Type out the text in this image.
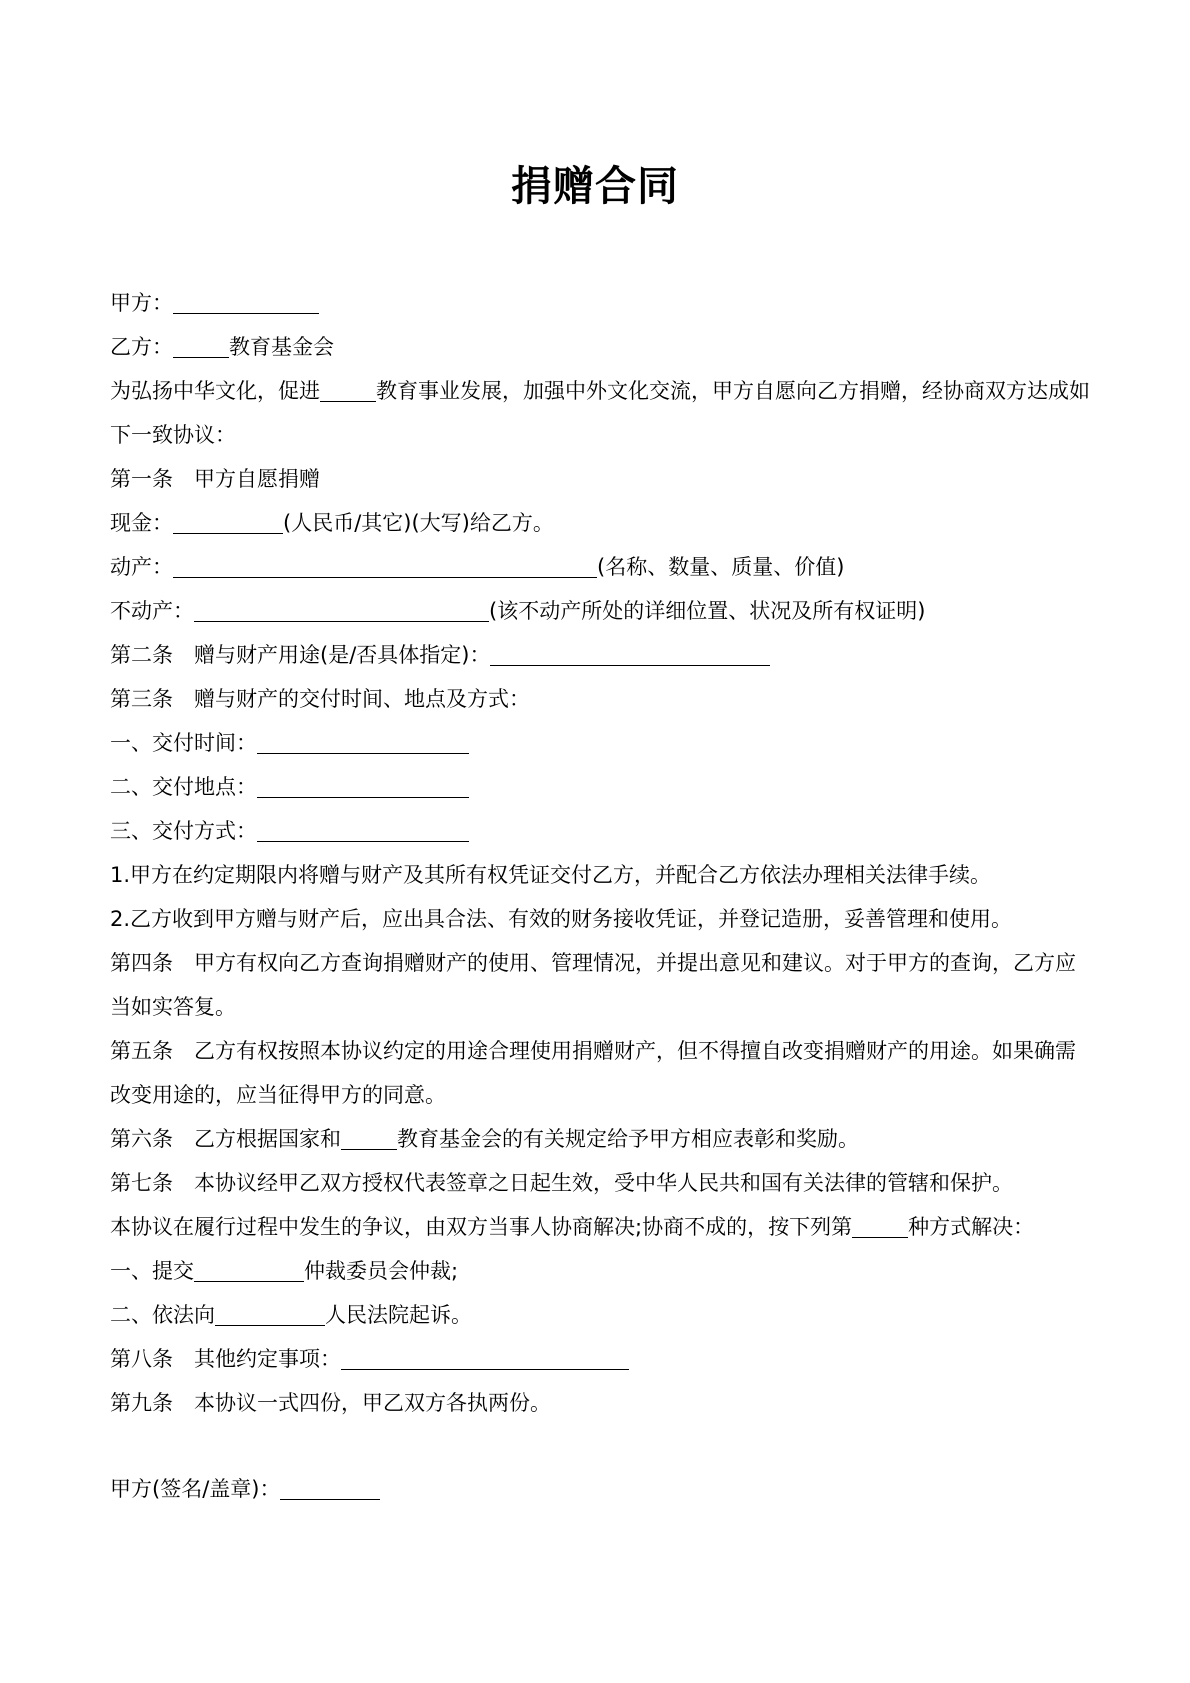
捐赠合同
甲方：
乙方：	教育基金会
为弘扬中华文化，促进	教育事业发展，加强中外文化交流，甲方自愿向乙方捐赠，经协商双方达成如下一致协议：
第一条　甲方自愿捐赠
现金：	(人民币/其它)(大写)给乙方。
动产：	(名称、数量、质量、价值)
不动产：	(该不动产所处的详细位置、状况及所有权证明)
第二条　赠与财产用途(是/否具体指定)：
第三条　赠与财产的交付时间、地点及方式：
一、交付时间：
二、交付地点：
三、交付方式：
1.甲方在约定期限内将赠与财产及其所有权凭证交付乙方，并配合乙方依法办理相关法律手续。
2.乙方收到甲方赠与财产后，应出具合法、有效的财务接收凭证，并登记造册，妥善管理和使用。
第四条　甲方有权向乙方查询捐赠财产的使用、管理情况，并提出意见和建议。对于甲方的查询，乙方应当如实答复。
第五条　乙方有权按照本协议约定的用途合理使用捐赠财产，但不得擅自改变捐赠财产的用途。如果确需改变用途的，应当征得甲方的同意。
第六条　乙方根据国家和	教育基金会的有关规定给予甲方相应表彰和奖励。
第七条　本协议经甲乙双方授权代表签章之日起生效，受中华人民共和国有关法律的管辖和保护。
本协议在履行过程中发生的争议，由双方当事人协商解决;协商不成的，按下列第	种方式解决：
一、提交	仲裁委员会仲裁;
二、依法向	人民法院起诉。
第八条　其他约定事项：
第九条　本协议一式四份，甲乙双方各执两份。
甲方(签名/盖章)：
